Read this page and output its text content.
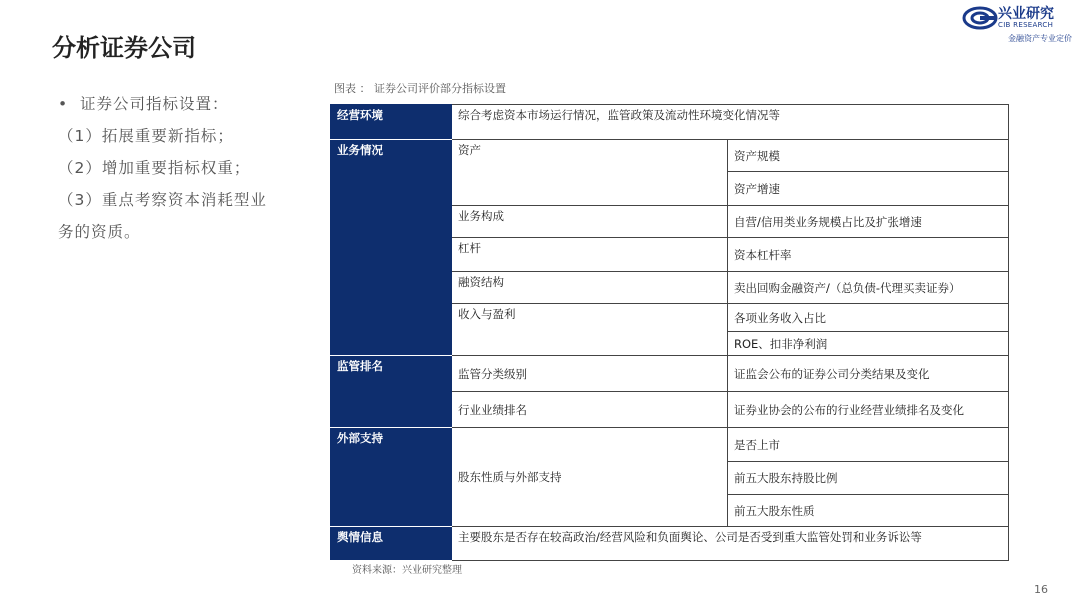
分析证券公司
兴业研究
CIB RESEARCH
金融资产专业定价
• 证券公司指标设置：
（1）拓展重要新指标；
（2）增加重要指标权重；
（3）重点考察资本消耗型业
务的资质。
图表 ： 证券公司评价部分指标设置
经营环境	综合考虑资本市场运行情况，监管政策及流动性环境变化情况等	
业务情况	资产	资产规模
		资产增速
	业务构成	自营/信用类业务规模占比及扩张增速
	杠杆	资本杠杆率
	融资结构	卖出回购金融资产/（总负债-代理买卖证券）
	收入与盈利	各项业务收入占比
		ROE、扣非净利润
监管排名	监管分类级别	证监会公布的证券公司分类结果及变化
	行业业绩排名	证券业协会的公布的行业经营业绩排名及变化
外部支持	股东性质与外部支持	是否上市
		前五大股东持股比例
		前五大股东性质
舆情信息	主要股东是否存在较高政治/经营风险和负面舆论、公司是否受到重大监管处罚和业务诉讼等	
资料来源：兴业研究整理
16
